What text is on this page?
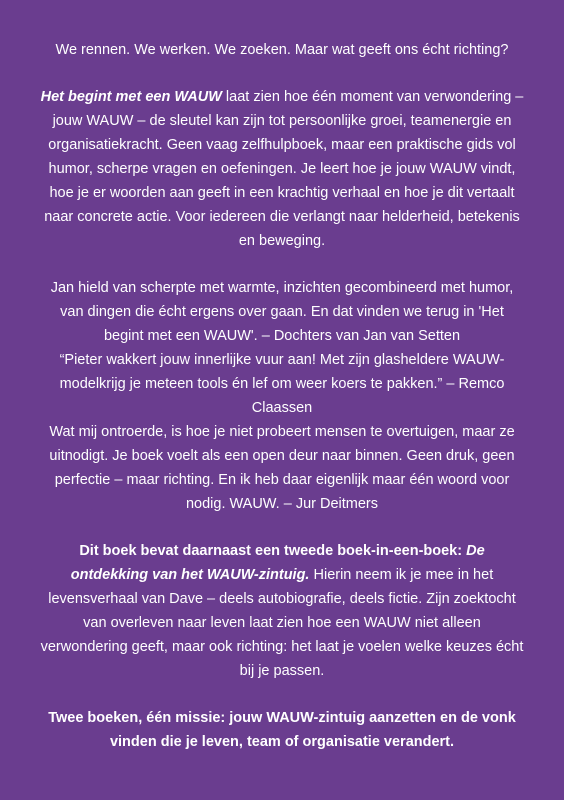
We rennen. We werken. We zoeken. Maar wat geeft ons écht richting?

Het begint met een WAUW laat zien hoe één moment van verwondering – jouw WAUW – de sleutel kan zijn tot persoonlijke groei, teamenergie en organisatiekracht. Geen vaag zelfhulpboek, maar een praktische gids vol humor, scherpe vragen en oefeningen. Je leert hoe je jouw WAUW vindt, hoe je er woorden aan geeft in een krachtig verhaal en hoe je dit vertaalt naar concrete actie. Voor iedereen die verlangt naar helderheid, betekenis en beweging.

Jan hield van scherpte met warmte, inzichten gecombineerd met humor, van dingen die écht ergens over gaan. En dat vinden we terug in 'Het begint met een WAUW'. – Dochters van Jan van Setten

“Pieter wakkert jouw innerlijke vuur aan! Met zijn glasheldere WAUW-modelkrijg je meteen tools én lef om weer koers te pakken.” – Remco Claassen

Wat mij ontroerde, is hoe je niet probeert mensen te overtuigen, maar ze uitnodigt. Je boek voelt als een open deur naar binnen. Geen druk, geen perfectie – maar richting. En ik heb daar eigenlijk maar één woord voor nodig. WAUW. – Jur Deitmers

Dit boek bevat daarnaast een tweede boek-in-een-boek: De ontdekking van het WAUW-zintuig. Hierin neem ik je mee in het levensverhaal van Dave – deels autobiografie, deels fictie. Zijn zoektocht van overleven naar leven laat zien hoe een WAUW niet alleen verwondering geeft, maar ook richting: het laat je voelen welke keuzes écht bij je passen.

Twee boeken, één missie: jouw WAUW-zintuig aanzetten en de vonk vinden die je leven, team of organisatie verandert.
